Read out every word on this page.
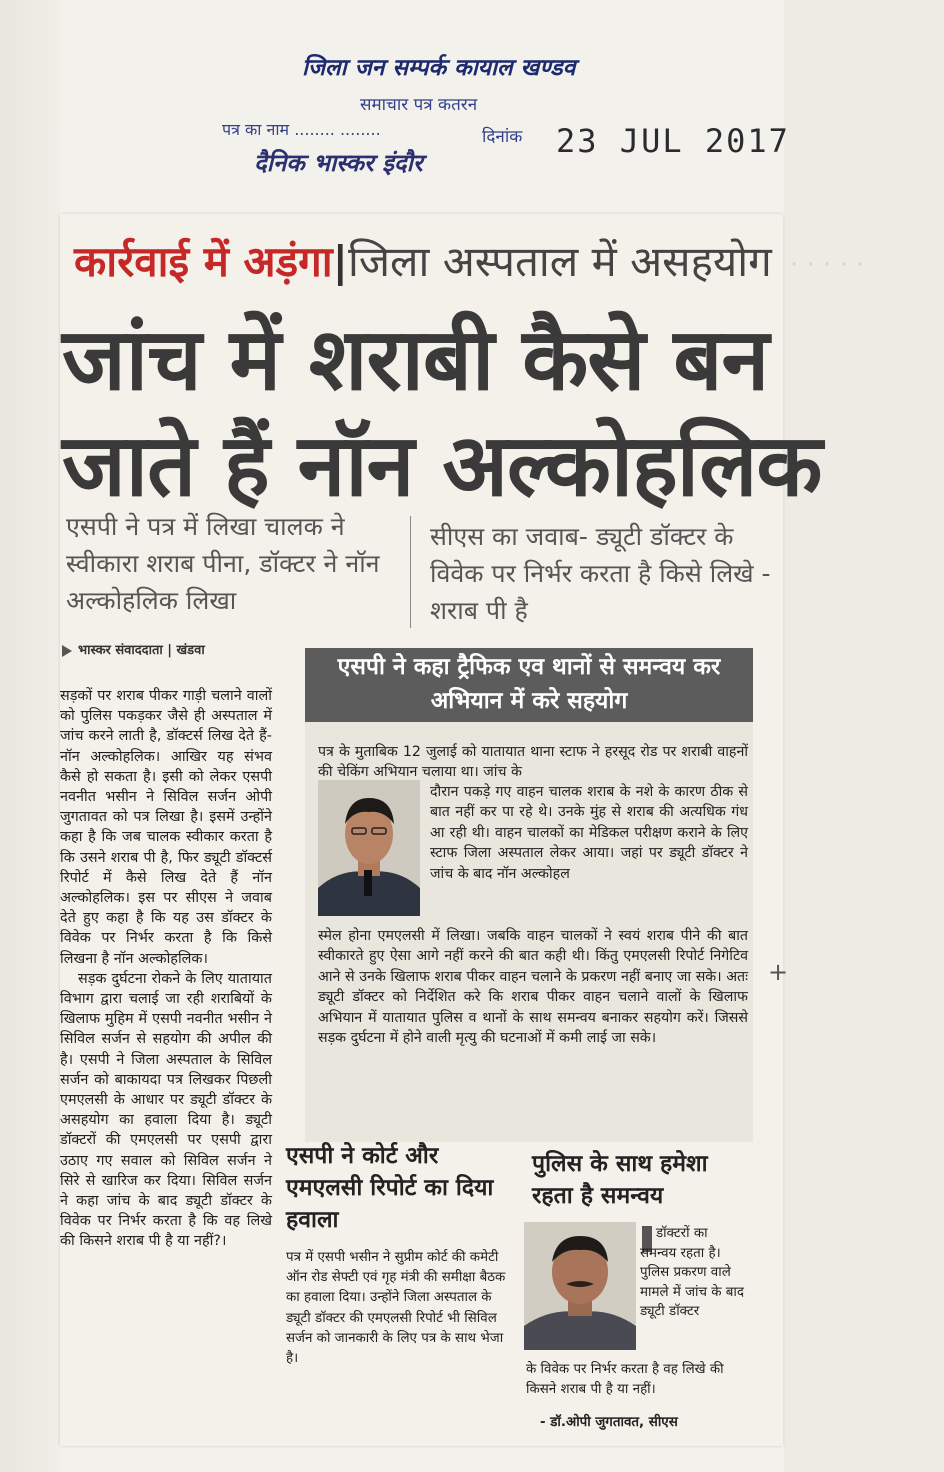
· · · · ·
जिला जन सम्पर्क कायाल खण्डव
समाचार पत्र कतरन
पत्र का नाम ........ ........	दिनांक 23 JUL 2017
दैनिक भास्कर इंदौर
कार्रवाई में अड़ंगा|जिला अस्पताल में असहयोग
जांच में शराबी कैसे बन
जाते हैं नॉन अल्कोहलिक
एसपी ने पत्र में लिखा चालक ने स्वीकारा शराब पीना, डॉक्टर ने नॉन अल्कोहलिक लिखा
सीएस का जवाब- ड्यूटी डॉक्टर के विवेक पर निर्भर करता है किसे लिखे - शराब पी है
भास्कर संवाददाता | खंडवा

सड़कों पर शराब पीकर गाड़ी चलाने वालों को पुलिस पकड़कर जैसे ही अस्पताल में जांच करने लाती है, डॉक्टर्स लिख देते हैं-नॉन अल्कोहलिक। आखिर यह संभव कैसे हो सकता है। इसी को लेकर एसपी नवनीत भसीन ने सिविल सर्जन ओपी जुगतावत को पत्र लिखा है। इसमें उन्होंने कहा है कि जब चालक स्वीकार करता है कि उसने शराब पी है, फिर ड्यूटी डॉक्टर्स रिपोर्ट में कैसे लिख देते हैं नॉन अल्कोहलिक। इस पर सीएस ने जवाब देते हुए कहा है कि यह उस डॉक्टर के विवेक पर निर्भर करता है कि किसे लिखना है नॉन अल्कोहलिक।

सड़क दुर्घटना रोकने के लिए यातायात विभाग द्वारा चलाई जा रही शराबियों के खिलाफ मुहिम में एसपी नवनीत भसीन ने सिविल सर्जन से सहयोग की अपील की है। एसपी ने जिला अस्पताल के सिविल सर्जन को बाकायदा पत्र लिखकर पिछली एमएलसी के आधार पर ड्यूटी डॉक्टर के असहयोग का हवाला दिया है। ड्यूटी डॉक्टरों की एमएलसी पर एसपी द्वारा उठाए गए सवाल को सिविल सर्जन ने सिरे से खारिज कर दिया। सिविल सर्जन ने कहा जांच के बाद ड्यूटी डॉक्टर के विवेक पर निर्भर करता है कि वह लिखे की किसने शराब पी है या नहीं?।

एसपी ने कहा ट्रैफिक एव थानों से समन्वय कर अभियान में करे सहयोग
पत्र के मुताबिक 12 जुलाई को यातायात थाना स्टाफ ने हरसूद रोड पर शराबी वाहनों की चेकिंग अभियान चलाया था। जांच के
दौरान पकड़े गए वाहन चालक शराब के नशे के कारण ठीक से बात नहीं कर पा रहे थे। उनके मुंह से शराब की अत्यधिक गंध आ रही थी। वाहन चालकों का मेडिकल परीक्षण कराने के लिए स्टाफ जिला अस्पताल लेकर आया। जहां पर ड्यूटी डॉक्टर ने जांच के बाद नॉन अल्कोहल
स्मेल होना एमएलसी में लिखा। जबकि वाहन चालकों ने स्वयं शराब पीने की बात स्वीकारते हुए ऐसा आगे नहीं करने की बात कही थी। किंतु एमएलसी रिपोर्ट निगेटिव आने से उनके खिलाफ शराब पीकर वाहन चलाने के प्रकरण नहीं बनाए जा सके। अतः ड्यूटी डॉक्टर को निर्देशित करे कि शराब पीकर वाहन चलाने वालों के खिलाफ अभियान में यातायात पुलिस व थानों के साथ समन्वय बनाकर सहयोग करें। जिससे सड़क दुर्घटना में होने वाली मृत्यु की घटनाओं में कमी लाई जा सके।
एसपी ने कोर्ट और एमएलसी रिपोर्ट का दिया हवाला
पत्र में एसपी भसीन ने सुप्रीम कोर्ट की कमेटी ऑन रोड सेफ्टी एवं गृह मंत्री की समीक्षा बैठक का हवाला दिया। उन्होंने जिला अस्पताल के ड्यूटी डॉक्टर की एमएलसी रिपोर्ट भी सिविल सर्जन को जानकारी के लिए पत्र के साथ भेजा है।
पुलिस के साथ हमेशा रहता है समन्वय
डॉक्टरों का समन्वय रहता है। पुलिस प्रकरण वाले मामले में जांच के बाद ड्यूटी डॉक्टर
के विवेक पर निर्भर करता है वह लिखे की किसने शराब पी है या नहीं।
- डॉ.ओपी जुगतावत, सीएस
+
